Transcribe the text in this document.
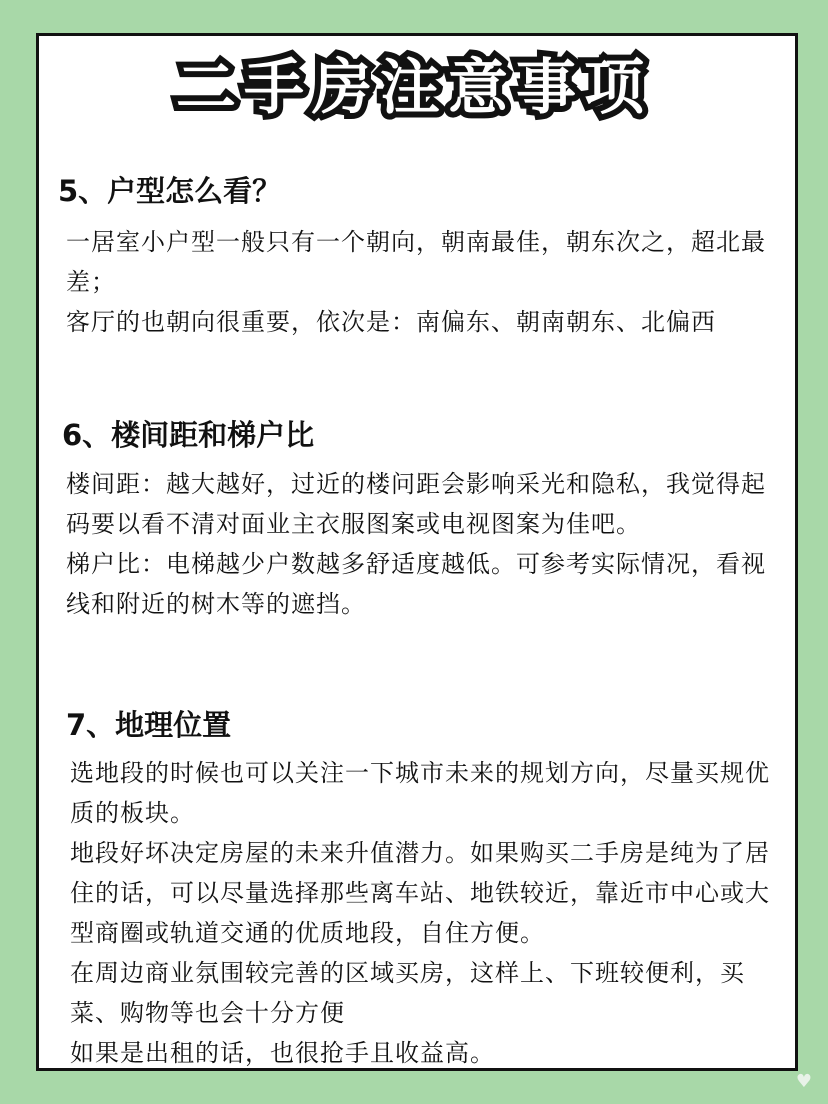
二手房注意事项
5、户型怎么看？

一居室小户型一般只有一个朝向，朝南最佳，朝东次之，超北最差；

客厅的也朝向很重要，依次是：南偏东、朝南朝东、北偏西

6、楼间距和梯户比

楼间距：越大越好，过近的楼问距会影响采光和隐私，我觉得起码要以看不清对面业主衣服图案或电视图案为佳吧。

梯户比：电梯越少户数越多舒适度越低。可参考实际情况，看视线和附近的树木等的遮挡。

7、地理位置

选地段的时候也可以关注一下城市未来的规划方向，尽量买规优质的板块。

地段好坏决定房屋的未来升值潜力。如果购买二手房是纯为了居住的话，可以尽量选择那些离车站、地铁较近，靠近市中心或大型商圈或轨道交通的优质地段，自住方便。

在周边商业氛围较完善的区域买房，这样上、下班较便利，买菜、购物等也会十分方便

如果是出租的话，也很抢手且收益高。

♥
